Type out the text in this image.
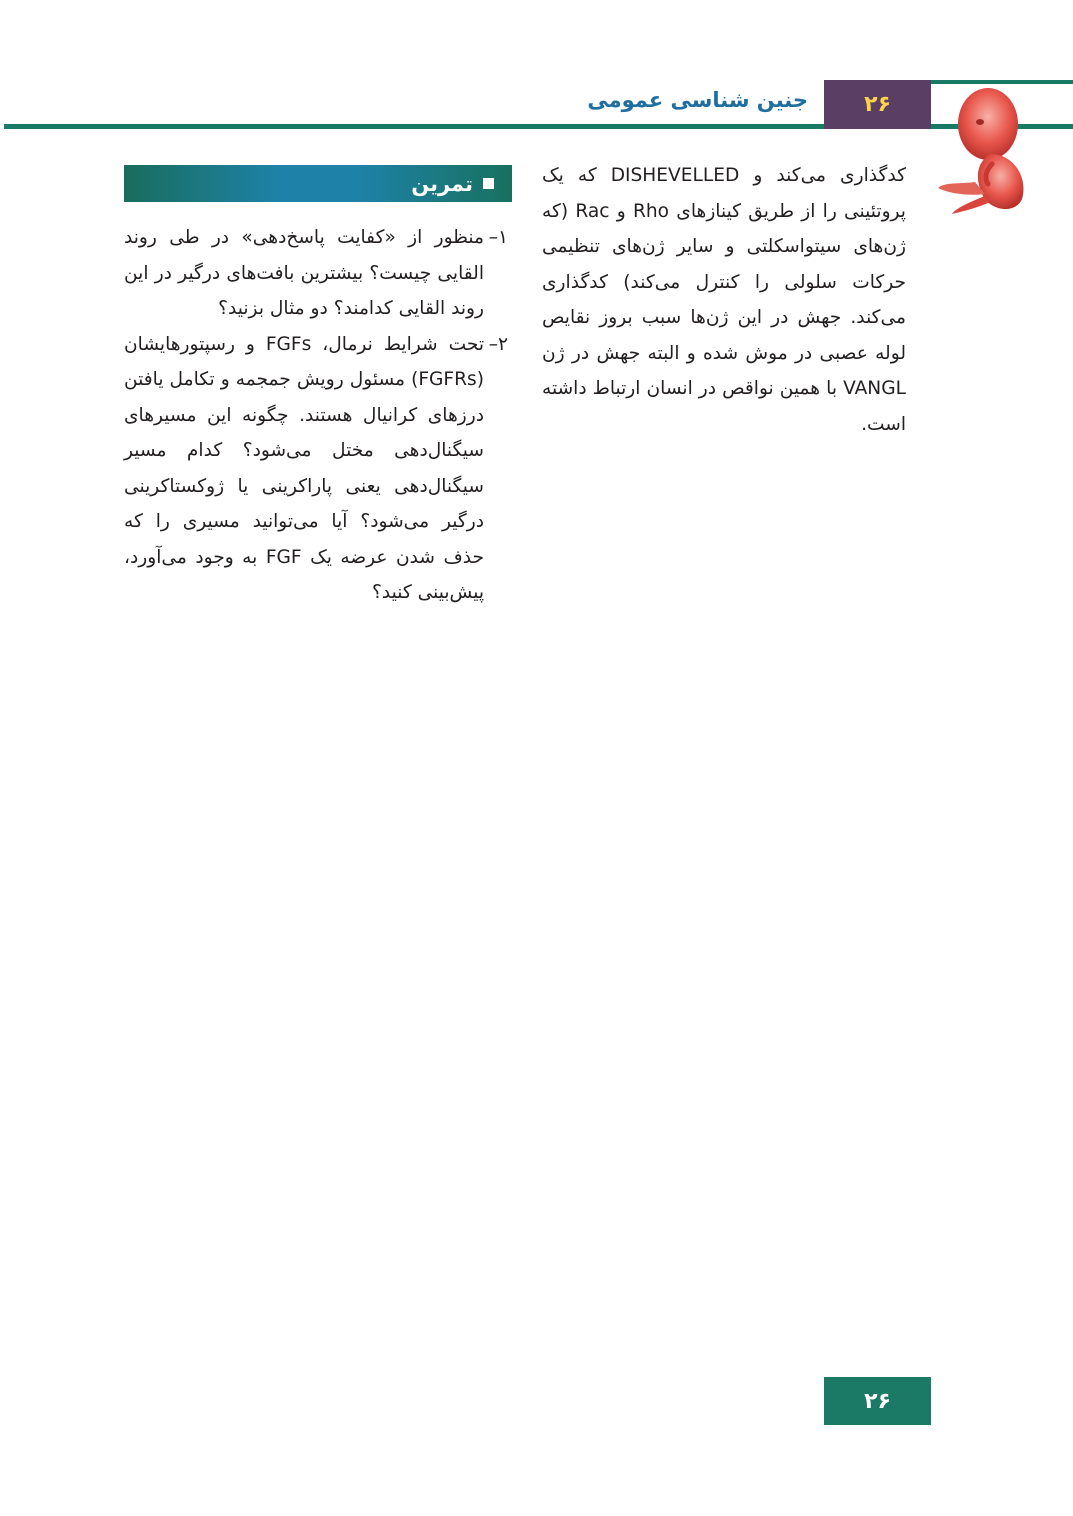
۲۶
جنین شناسی عمومی
کدگذاری می‌کند و DISHEVELLED که یک پروتئینی را از طریق کینازهای Rho و Rac (که ژن‌های سیتواسکلتی و سایر ژن‌های تنظیمی حرکات سلولی را کنترل می‌کند) کدگذاری می‌کند. جهش در این ژن‌ها سبب بروز نقایص لوله عصبی در موش شده و البته جهش در ژن VANGL با همین نواقص در انسان ارتباط داشته است.
تمرین
۱–
منظور از «کفایت پاسخ‌دهی» در طی روند القایی چیست؟ بیشترین بافت‌های درگیر در این روند القایی کدامند؟ دو مثال بزنید؟
۲–
تحت شرایط نرمال، FGFs و رسپتورهایشان (FGFRs) مسئول رویش جمجمه و تکامل یافتن درزهای کرانیال هستند. چگونه این مسیرهای سیگنال‌دهی مختل می‌شود؟ کدام مسیر سیگنال‌دهی یعنی پاراکرینی یا ژوکستاکرینی درگیر می‌شود؟ آیا می‌توانید مسیری را که حذف شدن عرضه یک FGF به وجود می‌آورد، پیش‌بینی کنید؟
۲۶
